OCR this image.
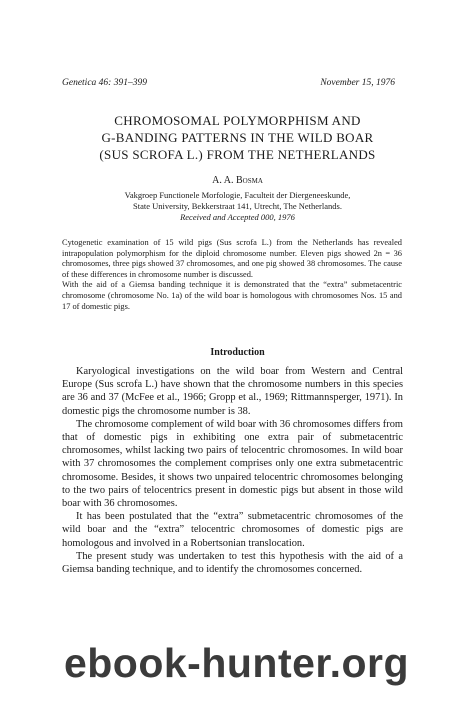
Genetica 46: 391–399	November 15, 1976
CHROMOSOMAL POLYMORPHISM AND
G-BANDING PATTERNS IN THE WILD BOAR
(SUS SCROFA L.) FROM THE NETHERLANDS
A. A. Bosma
Vakgroep Functionele Morfologie, Faculteit der Diergeneeskunde,
State University, Bekkerstraat 141, Utrecht, The Netherlands.
Received and Accepted 000, 1976

Cytogenetic examination of 15 wild pigs (Sus scrofa L.) from the Netherlands has revealed intrapopulation polymorphism for the diploid chromosome number. Eleven pigs showed 2n = 36 chromosomes, three pigs showed 37 chromosomes, and one pig showed 38 chromosomes. The cause of these differences in chromosome number is discussed.

With the aid of a Giemsa banding technique it is demonstrated that the “extra” submetacentric chromosome (chromosome No. 1a) of the wild boar is homologous with chromosomes Nos. 15 and 17 of domestic pigs.

Introduction

Karyological investigations on the wild boar from Western and Central Europe (Sus scrofa L.) have shown that the chromosome numbers in this species are 36 and 37 (McFee et al., 1966; Gropp et al., 1969; Rittmannsperger, 1971). In domestic pigs the chromosome number is 38.

The chromosome complement of wild boar with 36 chromosomes differs from that of domestic pigs in exhibiting one extra pair of submetacentric chromosomes, whilst lacking two pairs of telocentric chromosomes. In wild boar with 37 chromosomes the complement comprises only one extra submetacentric chromosome. Besides, it shows two unpaired telocentric chromosomes belonging to the two pairs of telocentrics present in domestic pigs but absent in those wild boar with 36 chromosomes.

It has been postulated that the “extra” submetacentric chromosomes of the wild boar and the “extra” telocentric chromosomes of domestic pigs are homologous and involved in a Robertsonian translocation.

The present study was undertaken to test this hypothesis with the aid of a Giemsa banding technique, and to identify the chromosomes concerned.

ebook-hunter.org
